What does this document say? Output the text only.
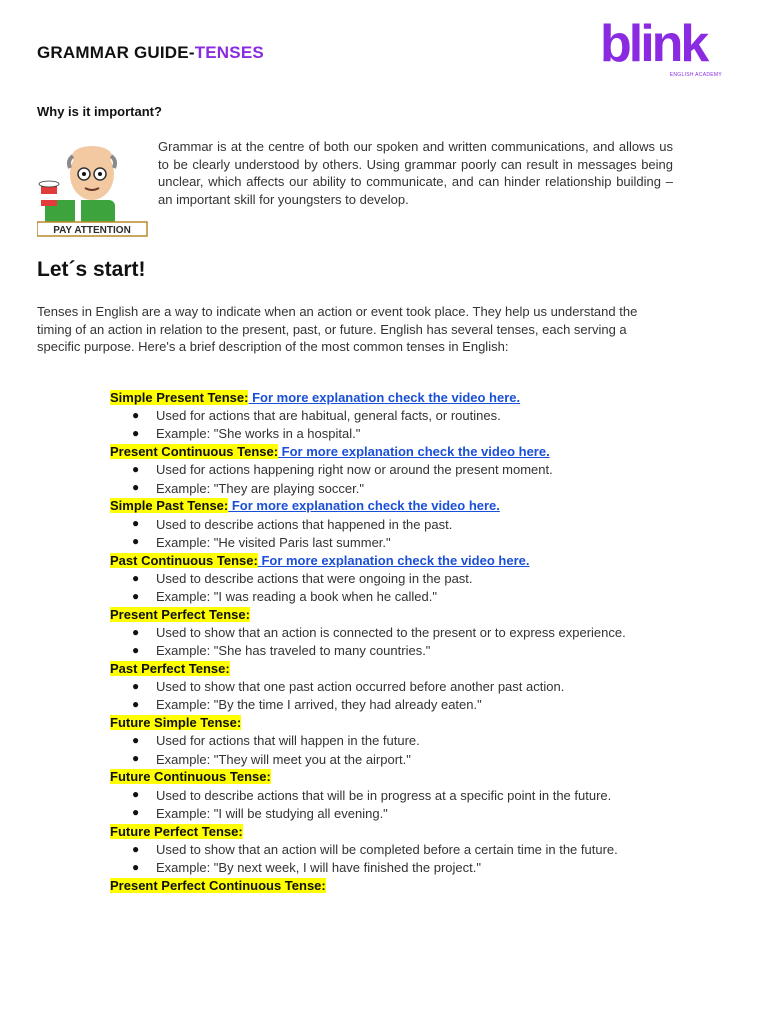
GRAMMAR GUIDE-TENSES	blink
ENGLISH ACADEMY
Why is it important?
PAY ATTENTION
Grammar is at the centre of both our spoken and written communications, and allows us to be clearly understood by others. Using grammar poorly can result in messages being unclear, which affects our ability to communicate, and can hinder relationship building – an important skill for youngsters to develop.
Let´s start!
Tenses in English are a way to indicate when an action or event took place. They help us understand the timing of an action in relation to the present, past, or future. English has several tenses, each serving a specific purpose. Here's a brief description of the most common tenses in English:
Simple Present Tense: For more explanation check the video here.
● Used for actions that are habitual, general facts, or routines.
● Example: "She works in a hospital."
Present Continuous Tense: For more explanation check the video here.
● Used for actions happening right now or around the present moment.
● Example: "They are playing soccer."
Simple Past Tense: For more explanation check the video here.
● Used to describe actions that happened in the past.
● Example: "He visited Paris last summer."
Past Continuous Tense: For more explanation check the video here.
● Used to describe actions that were ongoing in the past.
● Example: "I was reading a book when he called."
Present Perfect Tense:
● Used to show that an action is connected to the present or to express experience.
● Example: "She has traveled to many countries."
Past Perfect Tense:
● Used to show that one past action occurred before another past action.
● Example: "By the time I arrived, they had already eaten."
Future Simple Tense:
● Used for actions that will happen in the future.
● Example: "They will meet you at the airport."
Future Continuous Tense:
● Used to describe actions that will be in progress at a specific point in the future.
● Example: "I will be studying all evening."
Future Perfect Tense:
● Used to show that an action will be completed before a certain time in the future.
● Example: "By next week, I will have finished the project."
Present Perfect Continuous Tense:
